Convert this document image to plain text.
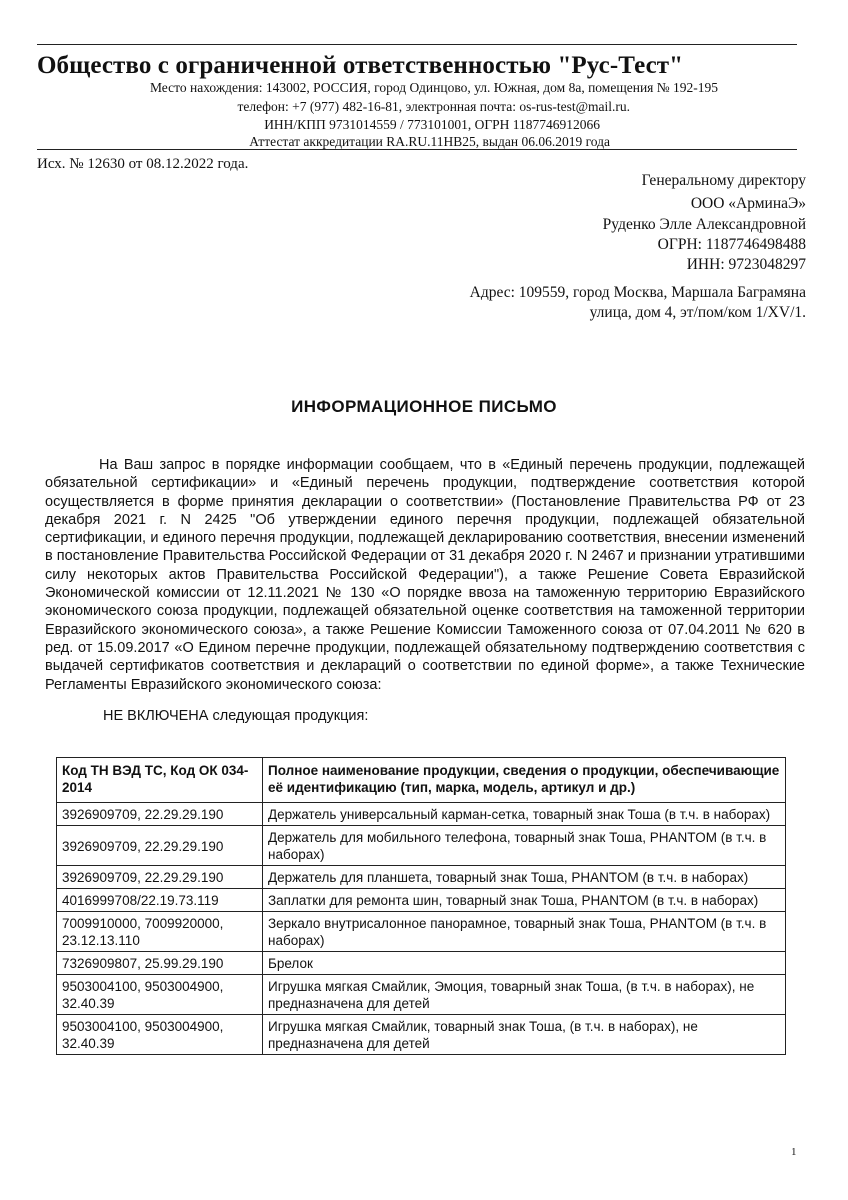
Общество с ограниченной ответственностью "Рус-Тест"
Место нахождения: 143002, РОССИЯ, город Одинцово, ул. Южная, дом 8а, помещения № 192-195
телефон: +7 (977) 482-16-81, электронная почта: os-rus-test@mail.ru.
ИНН/КПП 9731014559 / 773101001, ОГРН 1187746912066
Аттестат аккредитации RA.RU.11HB25, выдан 06.06.2019 года
Исх. № 12630 от 08.12.2022 года.
Генеральному директору
ООО «АрминаЭ»
Руденко Элле Александровной
ОГРН: 1187746498488
ИНН: 9723048297
Адрес: 109559, город Москва, Маршала Баграмяна
улица, дом 4, эт/пом/ком 1/XV/1.
ИНФОРМАЦИОННОЕ ПИСЬМО
На Ваш запрос в порядке информации сообщаем, что в «Единый перечень продукции, подлежащей обязательной сертификации» и «Единый перечень продукции, подтверждение соответствия которой осуществляется в форме принятия декларации о соответствии» (Постановление Правительства РФ от 23 декабря 2021 г. N 2425 "Об утверждении единого перечня продукции, подлежащей обязательной сертификации, и единого перечня продукции, подлежащей декларированию соответствия, внесении изменений в постановление Правительства Российской Федерации от 31 декабря 2020 г. N 2467 и признании утратившими силу некоторых актов Правительства Российской Федерации"), а также Решение Совета Евразийской Экономической комиссии от 12.11.2021 № 130 «О порядке ввоза на таможенную территорию Евразийского экономического союза продукции, подлежащей обязательной оценке соответствия на таможенной территории Евразийского экономического союза», а также Решение Комиссии Таможенного союза от 07.04.2011 № 620 в ред. от 15.09.2017 «О Едином перечне продукции, подлежащей обязательному подтверждению соответствия с выдачей сертификатов соответствия и деклараций о соответствии по единой форме», а также Технические Регламенты Евразийского экономического союза:
НЕ ВКЛЮЧЕНА следующая продукция:
Код ТН ВЭД ТС, Код ОК 034-2014	Полное наименование продукции, сведения о продукции, обеспечивающие её идентификацию (тип, марка, модель, артикул и др.)
3926909709, 22.29.29.190	Держатель универсальный карман-сетка, товарный знак Тоша (в т.ч. в наборах)
3926909709, 22.29.29.190	Держатель для мобильного телефона, товарный знак Тоша, PHANTOM (в т.ч. в наборах)
3926909709, 22.29.29.190	Держатель для планшета, товарный знак Тоша, PHANTOM (в т.ч. в наборах)
4016999708/22.19.73.119	Заплатки для ремонта шин, товарный знак Тоша, PHANTOM (в т.ч. в наборах)
7009910000, 7009920000, 23.12.13.110	Зеркало внутрисалонное панорамное, товарный знак Тоша, PHANTOM (в т.ч. в наборах)
7326909807, 25.99.29.190	Брелок
9503004100, 9503004900, 32.40.39	Игрушка мягкая Смайлик, Эмоция, товарный знак Тоша, (в т.ч. в наборах), не предназначена для детей
9503004100, 9503004900, 32.40.39	Игрушка мягкая Смайлик, товарный знак Тоша, (в т.ч. в наборах), не предназначена для детей
1
